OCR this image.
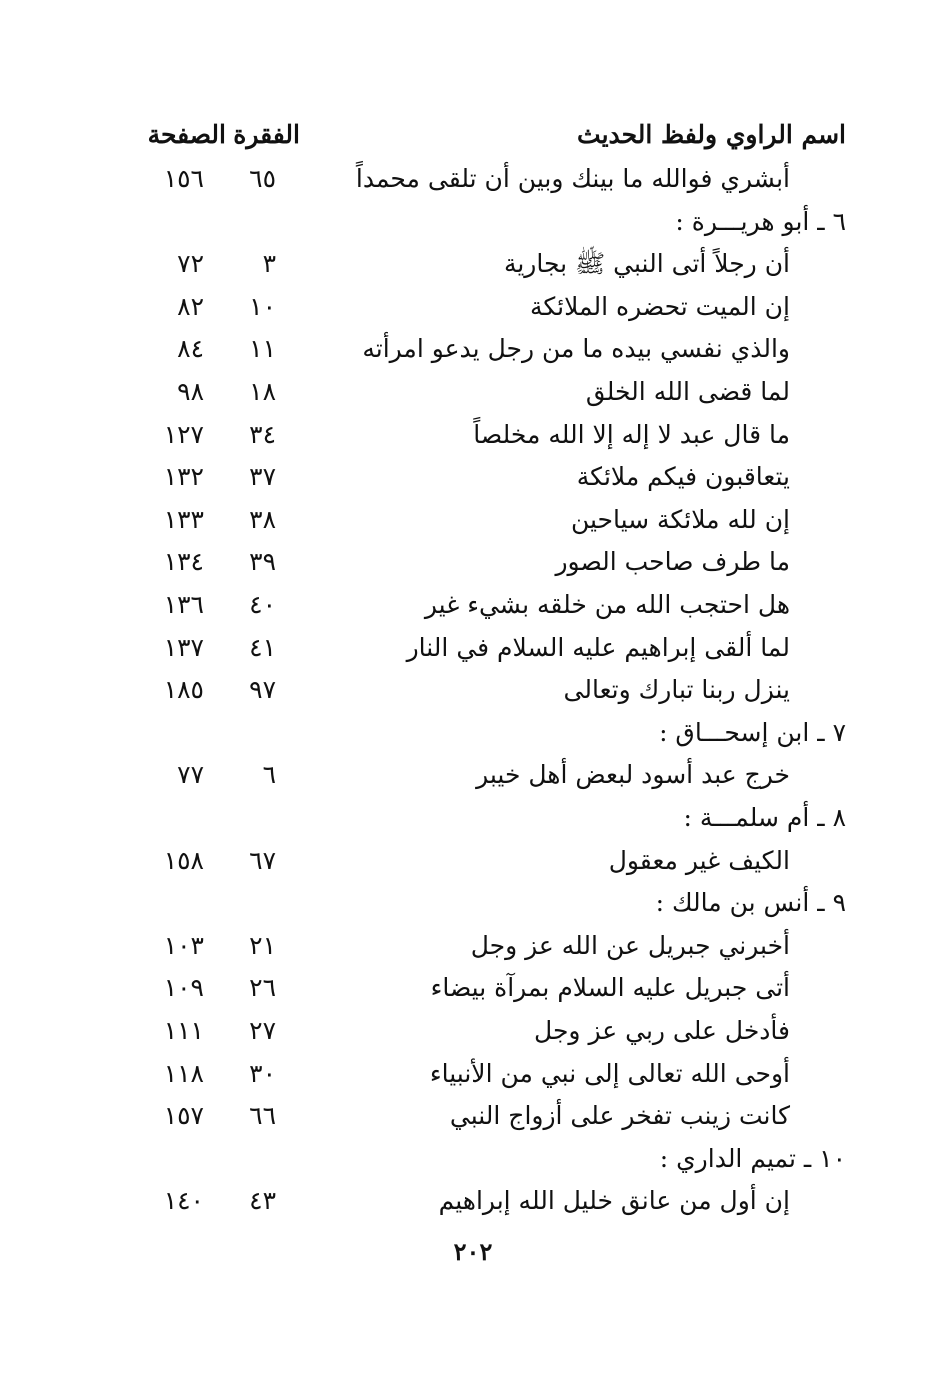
اسم الراوي ولفظ الحديث
الفقرة
الصفحة
أبشري فوالله ما بينك وبين أن تلقى محمداً
٦٥
١٥٦
٦ ـ أبو هريـــرة :
أن رجلاً أتى النبي ﷺ بجارية
٣
٧٢
إن الميت تحضره الملائكة
١٠
٨٢
والذي نفسي بيده ما من رجل يدعو امرأته
١١
٨٤
لما قضى الله الخلق
١٨
٩٨
ما قال عبد لا إله إلا الله مخلصاً
٣٤
١٢٧
يتعاقبون فيكم ملائكة
٣٧
١٣٢
إن لله ملائكة سياحين
٣٨
١٣٣
ما طرف صاحب الصور
٣٩
١٣٤
هل احتجب الله من خلقه بشيء غير
٤٠
١٣٦
لما ألقى إبراهيم عليه السلام في النار
٤١
١٣٧
ينزل ربنا تبارك وتعالى
٩٧
١٨٥
٧ ـ ابن إسحـــاق :
خرج عبد أسود لبعض أهل خيبر
٦
٧٧
٨ ـ أم سلمـــة :
الكيف غير معقول
٦٧
١٥٨
٩ ـ أنس بن مالك :
أخبرني جبريل عن الله عز وجل
٢١
١٠٣
أتى جبريل عليه السلام بمرآة بيضاء
٢٦
١٠٩
فأدخل على ربي عز وجل
٢٧
١١١
أوحى الله تعالى إلى نبي من الأنبياء
٣٠
١١٨
كانت زينب تفخر على أزواج النبي
٦٦
١٥٧
١٠ ـ تميم الداري :
إن أول من عانق خليل الله إبراهيم
٤٣
١٤٠
٢٠٢
